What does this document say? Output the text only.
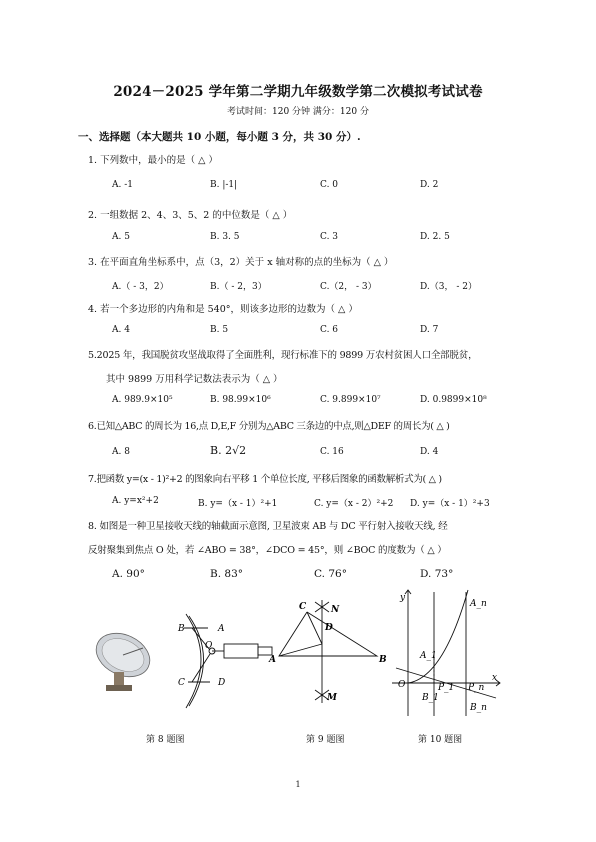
2024－2025 学年第二学期九年级数学第二次模拟考试试卷
考试时间：120 分钟 满分：120 分
一、选择题（本大题共 10 小题，每小题 3 分，共 30 分）.
1. 下列数中，最小的是（ △ ）
A. -1	B. |-1|	C. 0	D. 2
2. 一组数据 2、4、3、5、2 的中位数是（ △ ）
A. 5	B. 3. 5	C. 3	D. 2. 5
3. 在平面直角坐标系中，点（3，2）关于 x 轴对称的点的坐标为（ △ ）
A.（ - 3，2）	B.（ - 2，3）	C.（2， - 3）	D.（3， - 2）
4. 若一个多边形的内角和是 540°，则该多边形的边数为（ △ ）
A. 4	B. 5	C. 6	D. 7
5.2025 年，我国脱贫攻坚战取得了全面胜利，现行标准下的 9899 万农村贫困人口全部脱贫，
其中 9899 万用科学记数法表示为（ △ ）
A. 989.9×10⁵	B. 98.99×10⁶	C. 9.899×10⁷	D. 0.9899×10⁸
6.已知△ABC 的周长为 16,点 D,E,F 分别为△ABC 三条边的中点,则△DEF 的周长为( △ )
A. 8	B. 2√2	C. 16	D. 4
7.把函数 y=(x - 1)²+2 的图象向右平移 1 个单位长度, 平移后图象的函数解析式为( △ )
A. y=x²+2	B. y=（x - 1）²+1	C. y=（x - 2）²+2 D. y=（x - 1）²+3
8. 如图是一种卫星接收天线的轴截面示意图, 卫星波束 AB 与 DC 平行射入接收天线, 经
反射聚集到焦点 O 处，若 ∠ABO = 38°，∠DCO = 45°，则 ∠BOC 的度数为（ △ ）
A. 90°	B. 83°	C. 76°	D. 73°
B	A
O
C	D
C	N
D
A	B
M
y
A_n
A_1
O	P_1 P_n
x
B_1
B_n
第 8 题图	第 9 题图	第 10 题图
1
